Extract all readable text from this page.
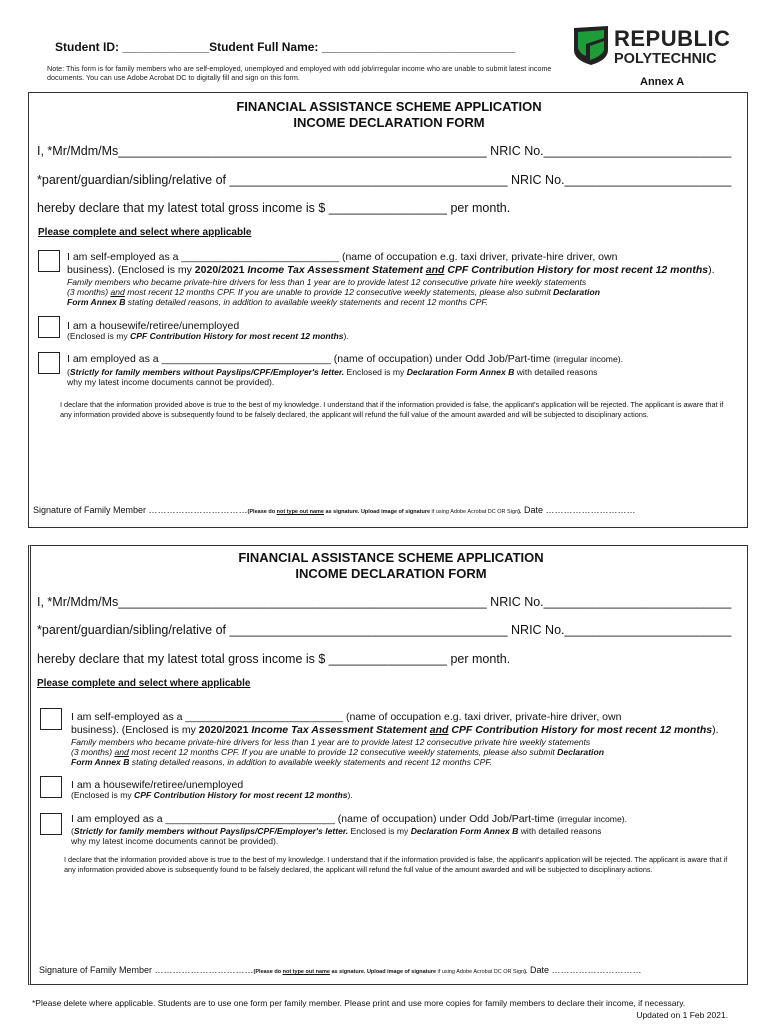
Student ID: _____________Student Full Name: _____________________________
Note: This form is for family members who are self-employed, unemployed and employed with odd job/irregular income who are unable to submit latest income documents. You can use Adobe Acrobat DC to digitally fill and sign on this form.
REPUBLIC
POLYTECHNIC
Annex A
FINANCIAL ASSISTANCE SCHEME APPLICATION
INCOME DECLARATION FORM
I, *Mr/Mdm/Ms_____________________________________________________ NRIC No.___________________________
*parent/guardian/sibling/relative of ________________________________________ NRIC No.________________________
hereby declare that my latest total gross income is $ _________________ per month.
Please complete and select where applicable
I am self-employed as a ___________________________ (name of occupation e.g. taxi driver, private-hire driver, own
business). (Enclosed is my 2020/2021 Income Tax Assessment Statement and CPF Contribution History for most recent 12 months).
Family members who became private-hire drivers for less than 1 year are to provide latest 12 consecutive private hire weekly statements
(3 months) and most recent 12 months CPF. If you are unable to provide 12 consecutive weekly statements, please also submit Declaration
Form Annex B stating detailed reasons, in addition to available weekly statements and recent 12 months CPF.
I am a housewife/retiree/unemployed
(Enclosed is my CPF Contribution History for most recent 12 months).
I am employed as a _____________________________ (name of occupation) under Odd Job/Part-time (irregular income).
(Strictly for family members without Payslips/CPF/Employer's letter. Enclosed is my Declaration Form Annex B with detailed reasons
why my latest income documents cannot be provided).
I declare that the information provided above is true to the best of my knowledge. I understand that if the information provided is false, the applicant's application will be rejected. The applicant is aware that if any information provided above is subsequently found to be falsely declared, the applicant will refund the full value of the amount awarded and will be subjected to disciplinary actions.
Signature of Family Member ……………………………(Please do not type out name as signature. Upload image of signature if using Adobe Acrobat DC OR Sign). Date …………………………
FINANCIAL ASSISTANCE SCHEME APPLICATION
INCOME DECLARATION FORM
I, *Mr/Mdm/Ms_____________________________________________________ NRIC No.___________________________
*parent/guardian/sibling/relative of ________________________________________ NRIC No.________________________
hereby declare that my latest total gross income is $ _________________ per month.
Please complete and select where applicable
I am self-employed as a ___________________________ (name of occupation e.g. taxi driver, private-hire driver, own
business). (Enclosed is my 2020/2021 Income Tax Assessment Statement and CPF Contribution History for most recent 12 months).
Family members who became private-hire drivers for less than 1 year are to provide latest 12 consecutive private hire weekly statements
(3 months) and most recent 12 months CPF. If you are unable to provide 12 consecutive weekly statements, please also submit Declaration
Form Annex B stating detailed reasons, in addition to available weekly statements and recent 12 months CPF.
I am a housewife/retiree/unemployed
(Enclosed is my CPF Contribution History for most recent 12 months).
I am employed as a _____________________________ (name of occupation) under Odd Job/Part-time (irregular income).
(Strictly for family members without Payslips/CPF/Employer's letter. Enclosed is my Declaration Form Annex B with detailed reasons
why my latest income documents cannot be provided).
I declare that the information provided above is true to the best of my knowledge. I understand that if the information provided is false, the applicant's application will be rejected. The applicant is aware that if any information provided above is subsequently found to be falsely declared, the applicant will refund the full value of the amount awarded and will be subjected to disciplinary actions.
Signature of Family Member ……………………………(Please do not type out name as signature. Upload image of signature if using Adobe Acrobat DC OR Sign). Date …………………………
*Please delete where applicable. Students are to use one form per family member. Please print and use more copies for family members to declare their income, if necessary.
Updated on 1 Feb 2021.
